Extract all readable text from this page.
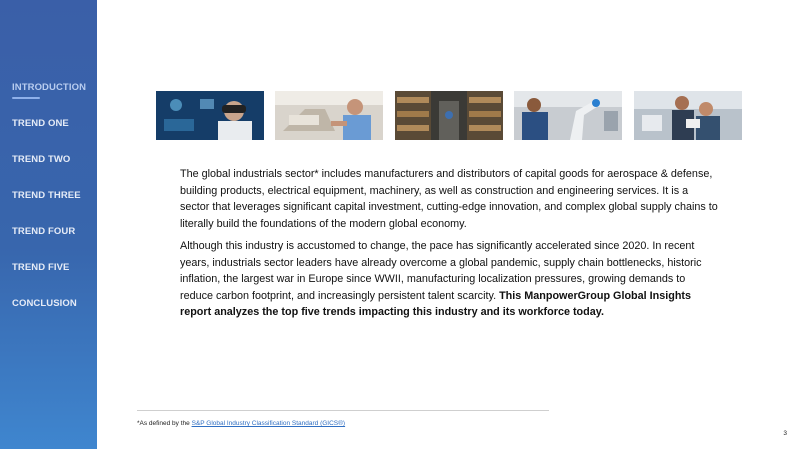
INTRODUCTION
TREND ONE
TREND TWO
TREND THREE
TREND FOUR
TREND FIVE
CONCLUSION

The global industrials sector* includes manufacturers and distributors of capital goods for aerospace & defense, building products, electrical equipment, machinery, as well as construction and engineering services. It is a sector that leverages significant capital investment, cutting-edge innovation, and complex global supply chains to literally build the foundations of the modern global economy.

Although this industry is accustomed to change, the pace has significantly accelerated since 2020. In recent years, industrials sector leaders have already overcome a global pandemic, supply chain bottlenecks, historic inflation, the largest war in Europe since WWII, manufacturing localization pressures, growing demands to reduce carbon footprint, and increasingly persistent talent scarcity. This ManpowerGroup Global Insights report analyzes the top five trends impacting this industry and its workforce today.

*As defined by the S&P Global Industry Classification Standard (GICS®)
3
